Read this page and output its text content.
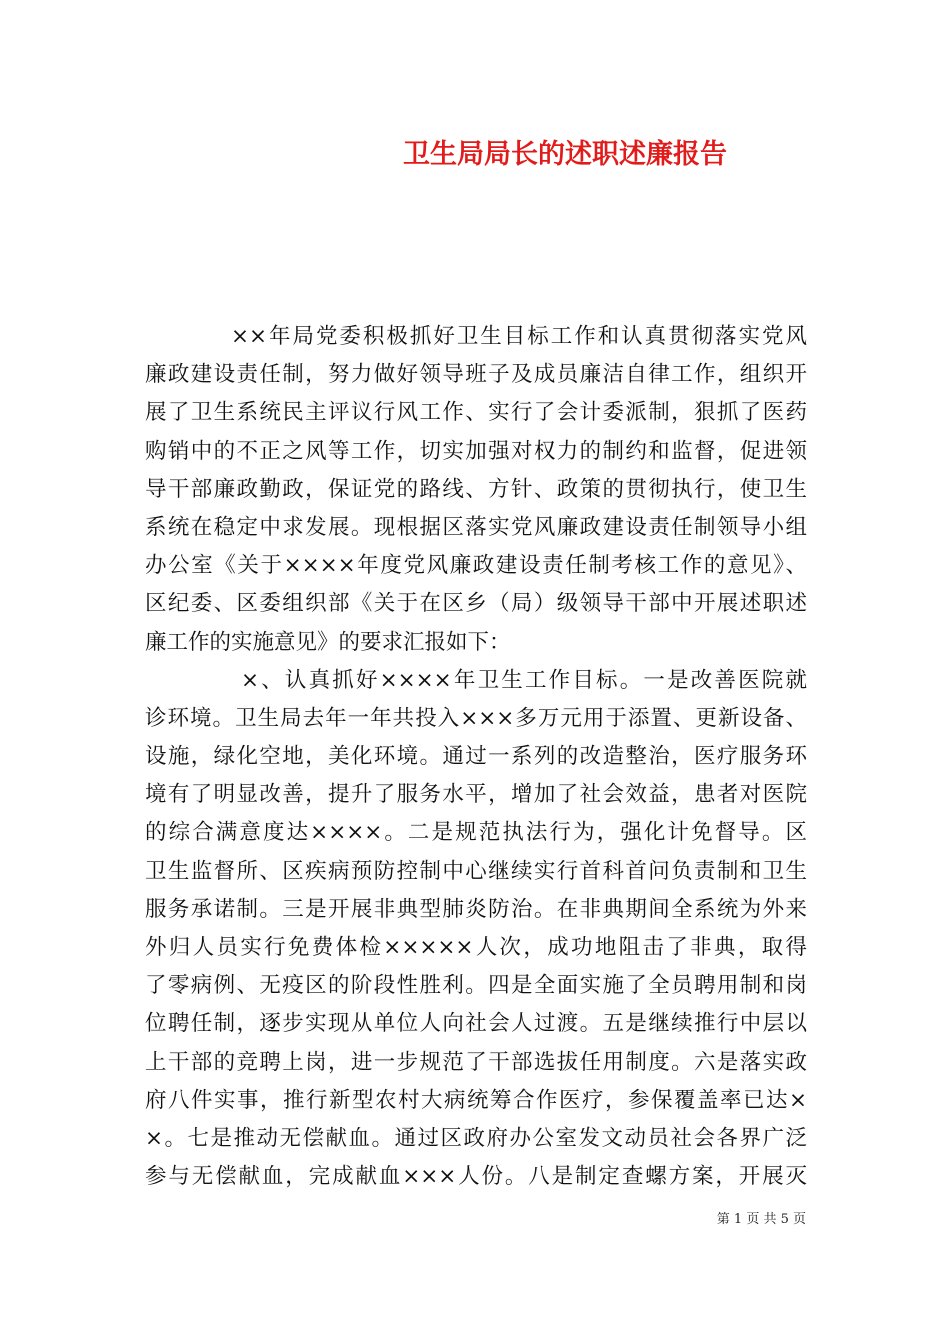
卫生局局长的述职述廉报告
××年局党委积极抓好卫生目标工作和认真贯彻落实党风
廉政建设责任制，努力做好领导班子及成员廉洁自律工作，组织开
展了卫生系统民主评议行风工作、实行了会计委派制，狠抓了医药
购销中的不正之风等工作，切实加强对权力的制约和监督，促进领
导干部廉政勤政，保证党的路线、方针、政策的贯彻执行，使卫生
系统在稳定中求发展。现根据区落实党风廉政建设责任制领导小组
办公室《关于××××年度党风廉政建设责任制考核工作的意见》、
区纪委、区委组织部《关于在区乡（局）级领导干部中开展述职述
廉工作的实施意见》的要求汇报如下：
×、认真抓好××××年卫生工作目标。一是改善医院就
诊环境。卫生局去年一年共投入×××多万元用于添置、更新设备、
设施，绿化空地，美化环境。通过一系列的改造整治，医疗服务环
境有了明显改善，提升了服务水平，增加了社会效益，患者对医院
的综合满意度达××××。二是规范执法行为，强化计免督导。区
卫生监督所、区疾病预防控制中心继续实行首科首问负责制和卫生
服务承诺制。三是开展非典型肺炎防治。在非典期间全系统为外来
外归人员实行免费体检×××××人次，成功地阻击了非典，取得
了零病例、无疫区的阶段性胜利。四是全面实施了全员聘用制和岗
位聘任制，逐步实现从单位人向社会人过渡。五是继续推行中层以
上干部的竞聘上岗，进一步规范了干部选拔任用制度。六是落实政
府八件实事，推行新型农村大病统筹合作医疗，参保覆盖率已达×
×。七是推动无偿献血。通过区政府办公室发文动员社会各界广泛
参与无偿献血，完成献血×××人份。八是制定查螺方案，开展灭
第 1 页 共 5 页
